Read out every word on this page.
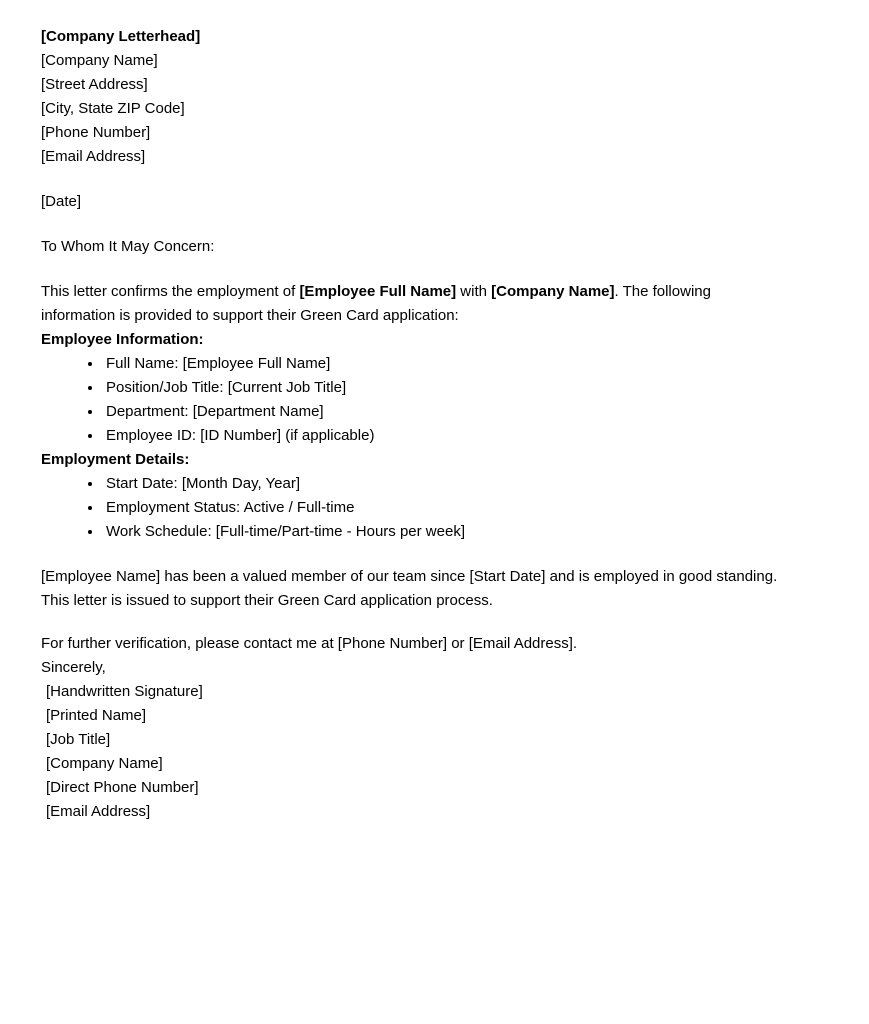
[Company Letterhead]
[Company Name]
[Street Address]
[City, State ZIP Code]
[Phone Number]
[Email Address]

[Date]

To Whom It May Concern:

This letter confirms the employment of [Employee Full Name] with [Company Name]. The following information is provided to support their Green Card application:

Employee Information:
• Full Name: [Employee Full Name]
• Position/Job Title: [Current Job Title]
• Department: [Department Name]
• Employee ID: [ID Number] (if applicable)
Employment Details:
• Start Date: [Month Day, Year]
• Employment Status: Active / Full-time
• Work Schedule: [Full-time/Part-time - Hours per week]

[Employee Name] has been a valued member of our team since [Start Date] and is employed in good standing. This letter is issued to support their Green Card application process.

For further verification, please contact me at [Phone Number] or [Email Address].

Sincerely,
[Handwritten Signature]
[Printed Name]
[Job Title]
[Company Name]
[Direct Phone Number]
[Email Address]
